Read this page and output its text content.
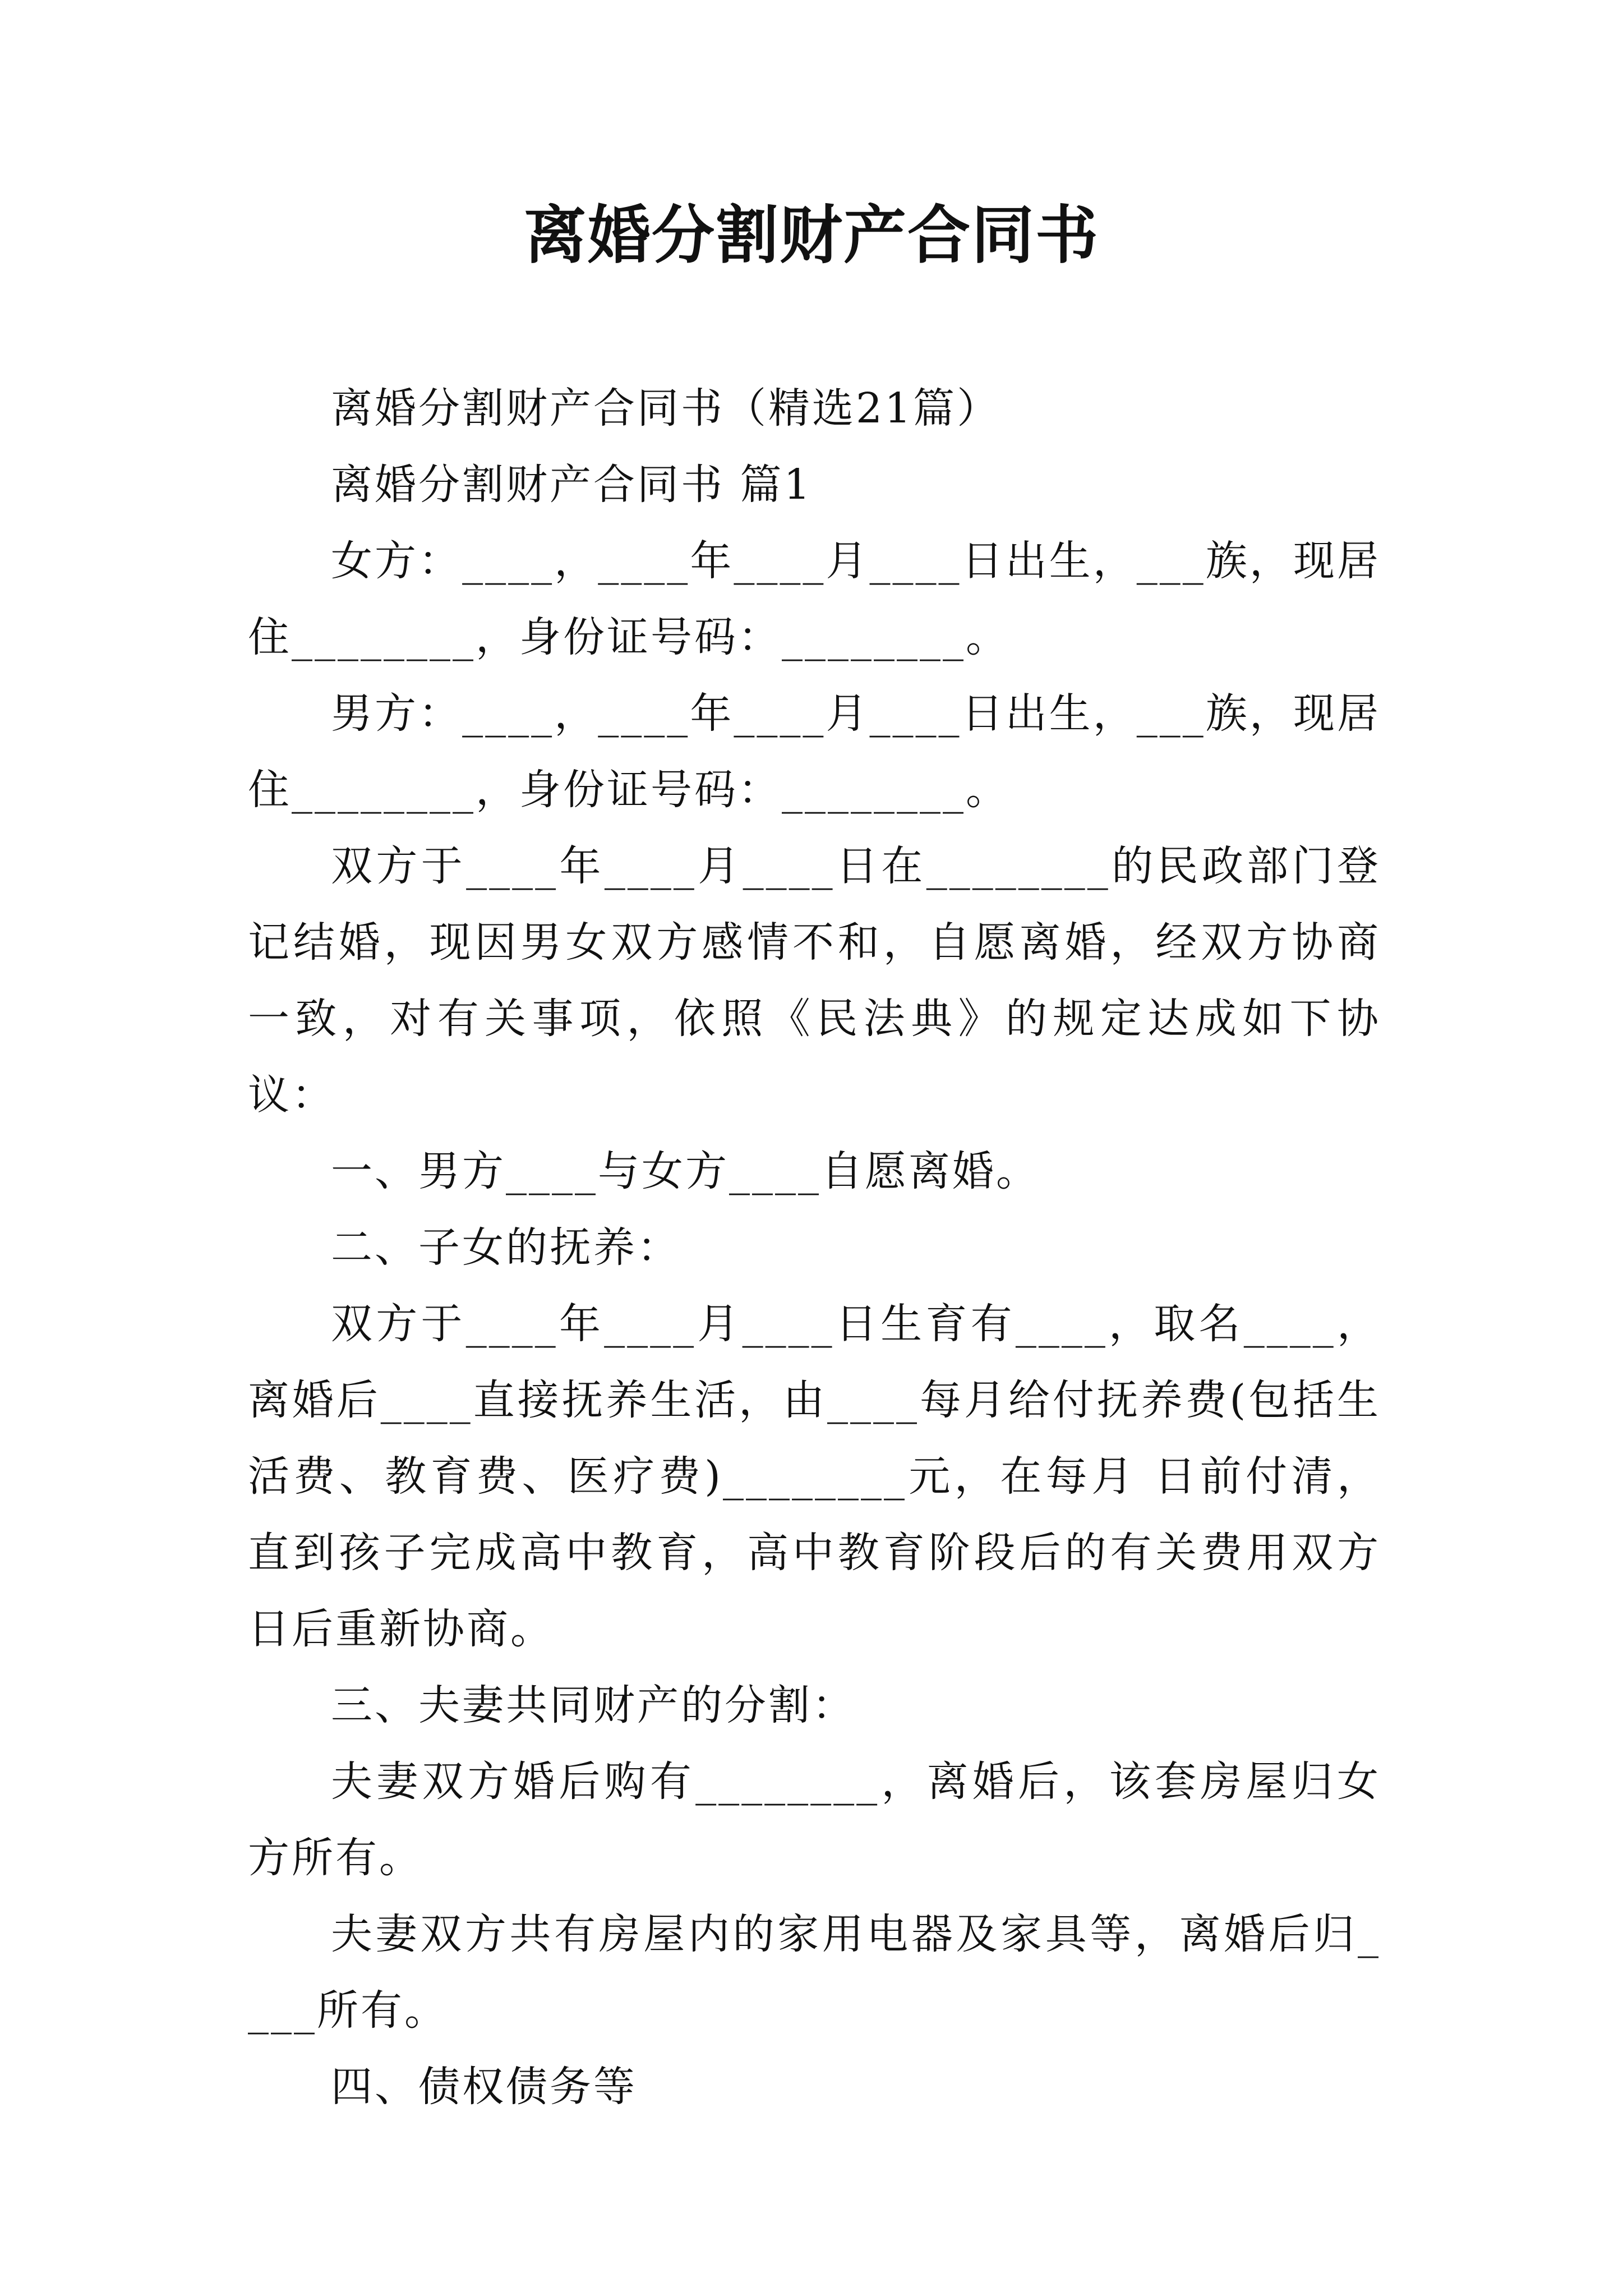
离婚分割财产合同书

离婚分割财产合同书（精选21篇）

离婚分割财产合同书 篇1

女方：____，____年____月____日出生，___族，现居住________，身份证号码：________。

男方：____，____年____月____日出生，___族，现居住________，身份证号码：________。

双方于____年____月____日在________的民政部门登记结婚，现因男女双方感情不和，自愿离婚，经双方协商一致，对有关事项，依照《民法典》的规定达成如下协议：

一、男方____与女方____自愿离婚。

二、子女的抚养：

双方于____年____月____日生育有____，取名____，离婚后____直接抚养生活，由____每月给付抚养费(包括生活费、教育费、医疗费)________元，在每月 日前付清，直到孩子完成高中教育，高中教育阶段后的有关费用双方日后重新协商。

三、夫妻共同财产的分割：

夫妻双方婚后购有________，离婚后，该套房屋归女方所有。

夫妻双方共有房屋内的家用电器及家具等，离婚后归____所有。

四、债权债务等
